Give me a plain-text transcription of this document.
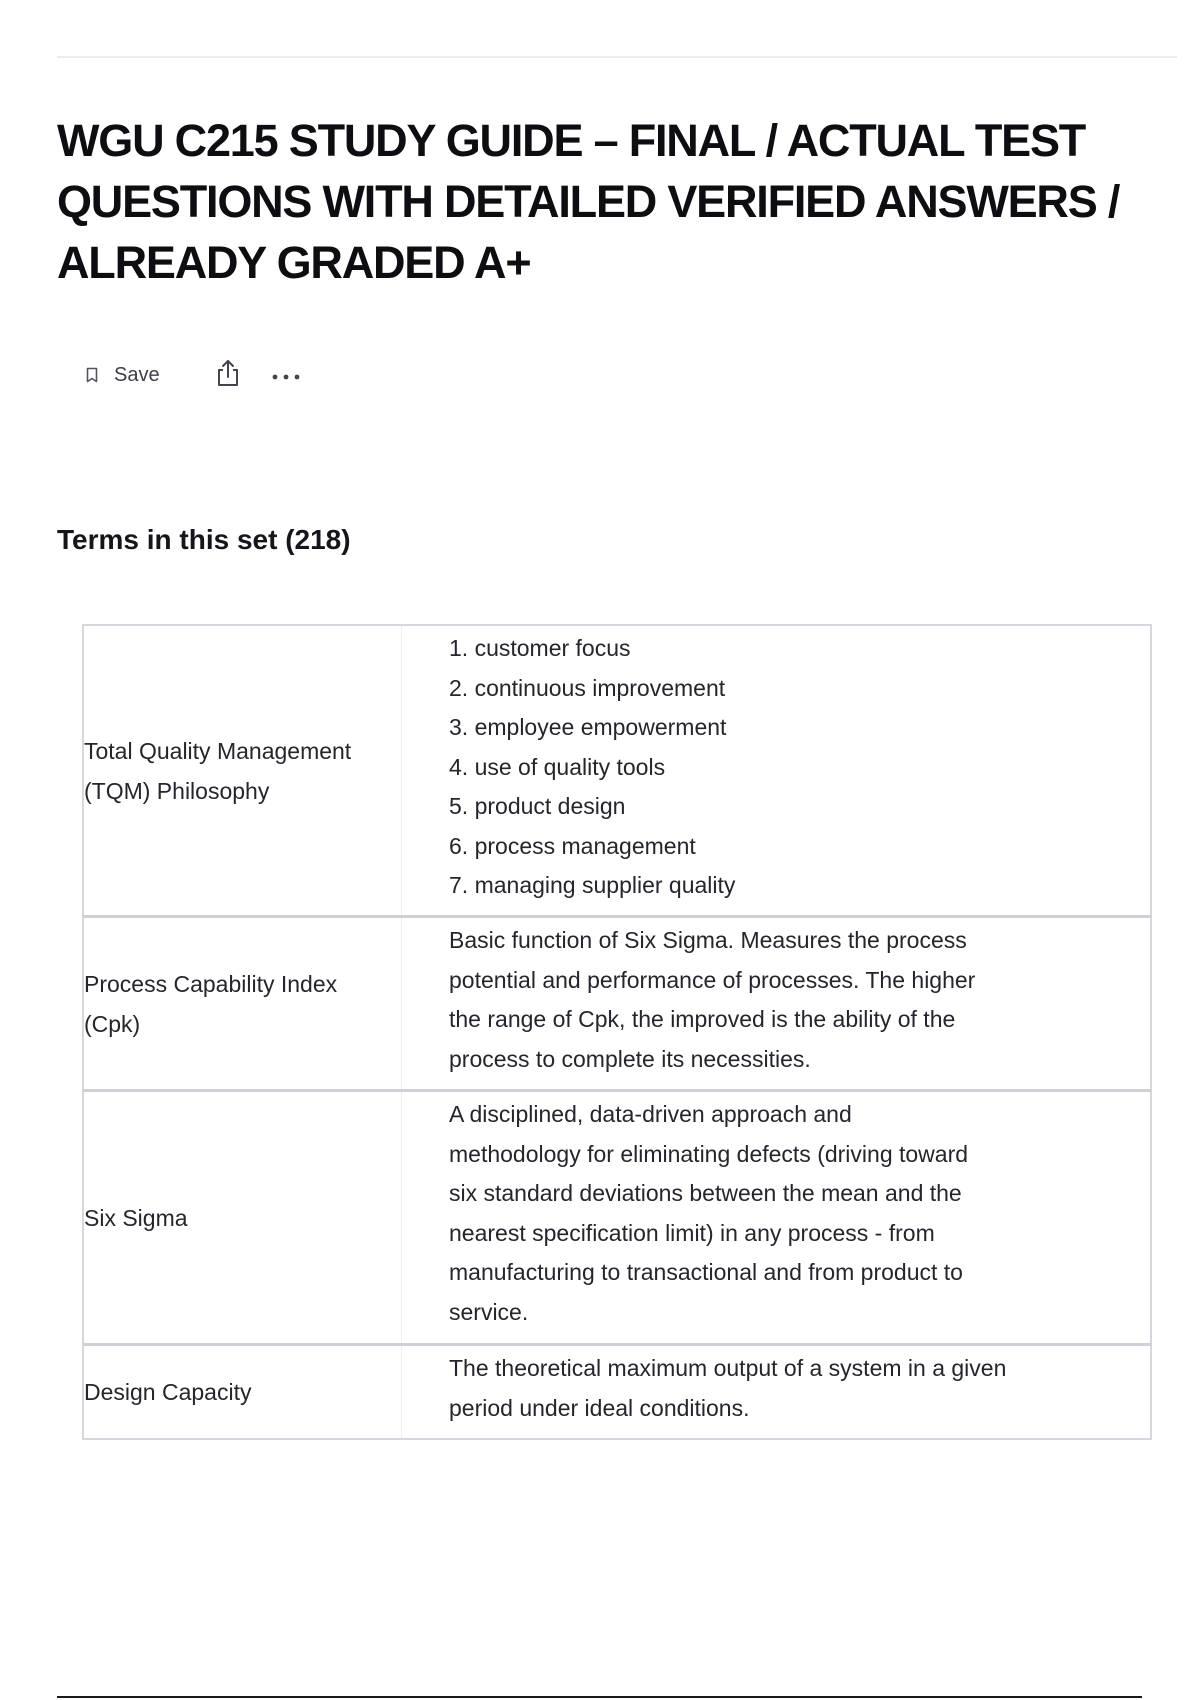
WGU C215 STUDY GUIDE – FINAL / ACTUAL TEST QUESTIONS WITH DETAILED VERIFIED ANSWERS / ALREADY GRADED A+
Save
Terms in this set (218)
Total Quality Management (TQM) Philosophy
1. customer focus
2. continuous improvement
3. employee empowerment
4. use of quality tools
5. product design
6. process management
7. managing supplier quality
Process Capability Index (Cpk)
Basic function of Six Sigma. Measures the process
potential and performance of processes. The higher
the range of Cpk, the improved is the ability of the
process to complete its necessities.
Six Sigma
A disciplined, data-driven approach and
methodology for eliminating defects (driving toward
six standard deviations between the mean and the
nearest specification limit) in any process - from
manufacturing to transactional and from product to
service.
Design Capacity
The theoretical maximum output of a system in a given
period under ideal conditions.
